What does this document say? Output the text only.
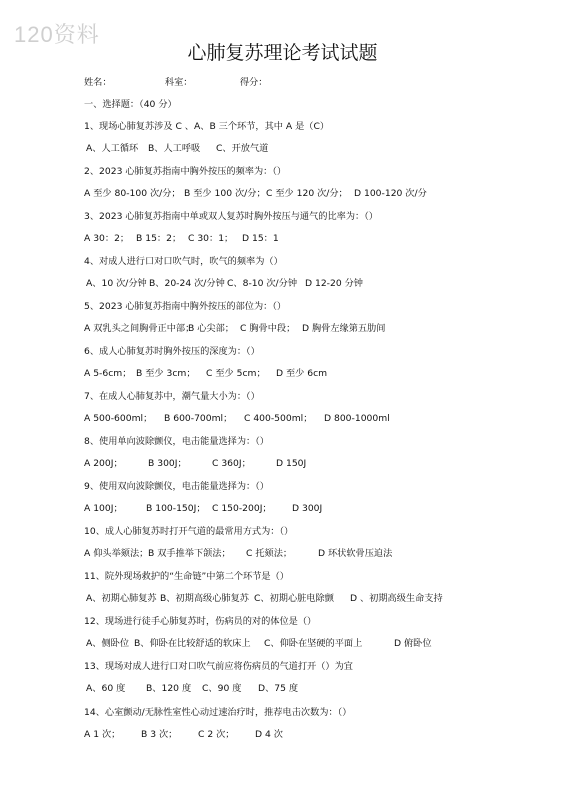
120资料
心肺复苏理论考试试题
姓名：	科室：	得分：
一、选择题：（40 分）
1、现场心肺复苏涉及 C 、A、B 三个环节，其中 A 是（C）
A、人工循环 B、人工呼吸 C、开放气道
2、2023 心肺复苏指南中胸外按压的频率为：（）
A 至少 80-100 次/分； B 至少 100 次/分；C 至少 120 次/分； D 100-120 次/分
3、2023 心肺复苏指南中单或双人复苏时胸外按压与通气的比率为：（）
A 30：2； B 15：2； C 30：1； D 15：1
4、对成人进行口对口吹气时，吹气的频率为（）
A、10 次/分钟 B、20-24 次/分钟 C、8-10 次/分钟 D 12-20 分钟
5、2023 心肺复苏指南中胸外按压的部位为：（）
A 双乳头之间胸骨正中部；B 心尖部； C 胸骨中段； D 胸骨左缘第五肋间
6、成人心肺复苏时胸外按压的深度为：（）
A 5-6cm； B 至少 3cm； C 至少 5cm； D 至少 6cm
7、在成人心肺复苏中，潮气量大小为：（）
A 500-600ml； B 600-700ml； C 400-500ml； D 800-1000ml
8、使用单向波除颤仪，电击能量选择为：（）
A 200J；	B 300J；	C 360J；	D 150J
9、使用双向波除颤仪，电击能量选择为：（）
A 100J；	B 100-150J； C 150-200J； D 300J
10、成人心肺复苏时打开气道的最常用方式为：（）
A 仰头举颏法；B 双手推举下颌法； C 托颏法；	D 环状软骨压迫法
11、院外现场救护的“生命链”中第二个环节是（）
A、初期心肺复苏 B、初期高级心肺复苏 C、初期心脏电除颤 D 、初期高级生命支持
12、现场进行徒手心肺复苏时，伤病员的对的体位是（）
A、侧卧位 B、仰卧在比较舒适的软床上 C、仰卧在坚硬的平面上	D 俯卧位
13、现场对成人进行口对口吹气前应将伤病员的气道打开（）为宜
A、60 度 B、120 度 C、90 度 D、75 度
14、心室颤动/无脉性室性心动过速治疗时，推荐电击次数为：（）
A 1 次； B 3 次； C 2 次； D 4 次
